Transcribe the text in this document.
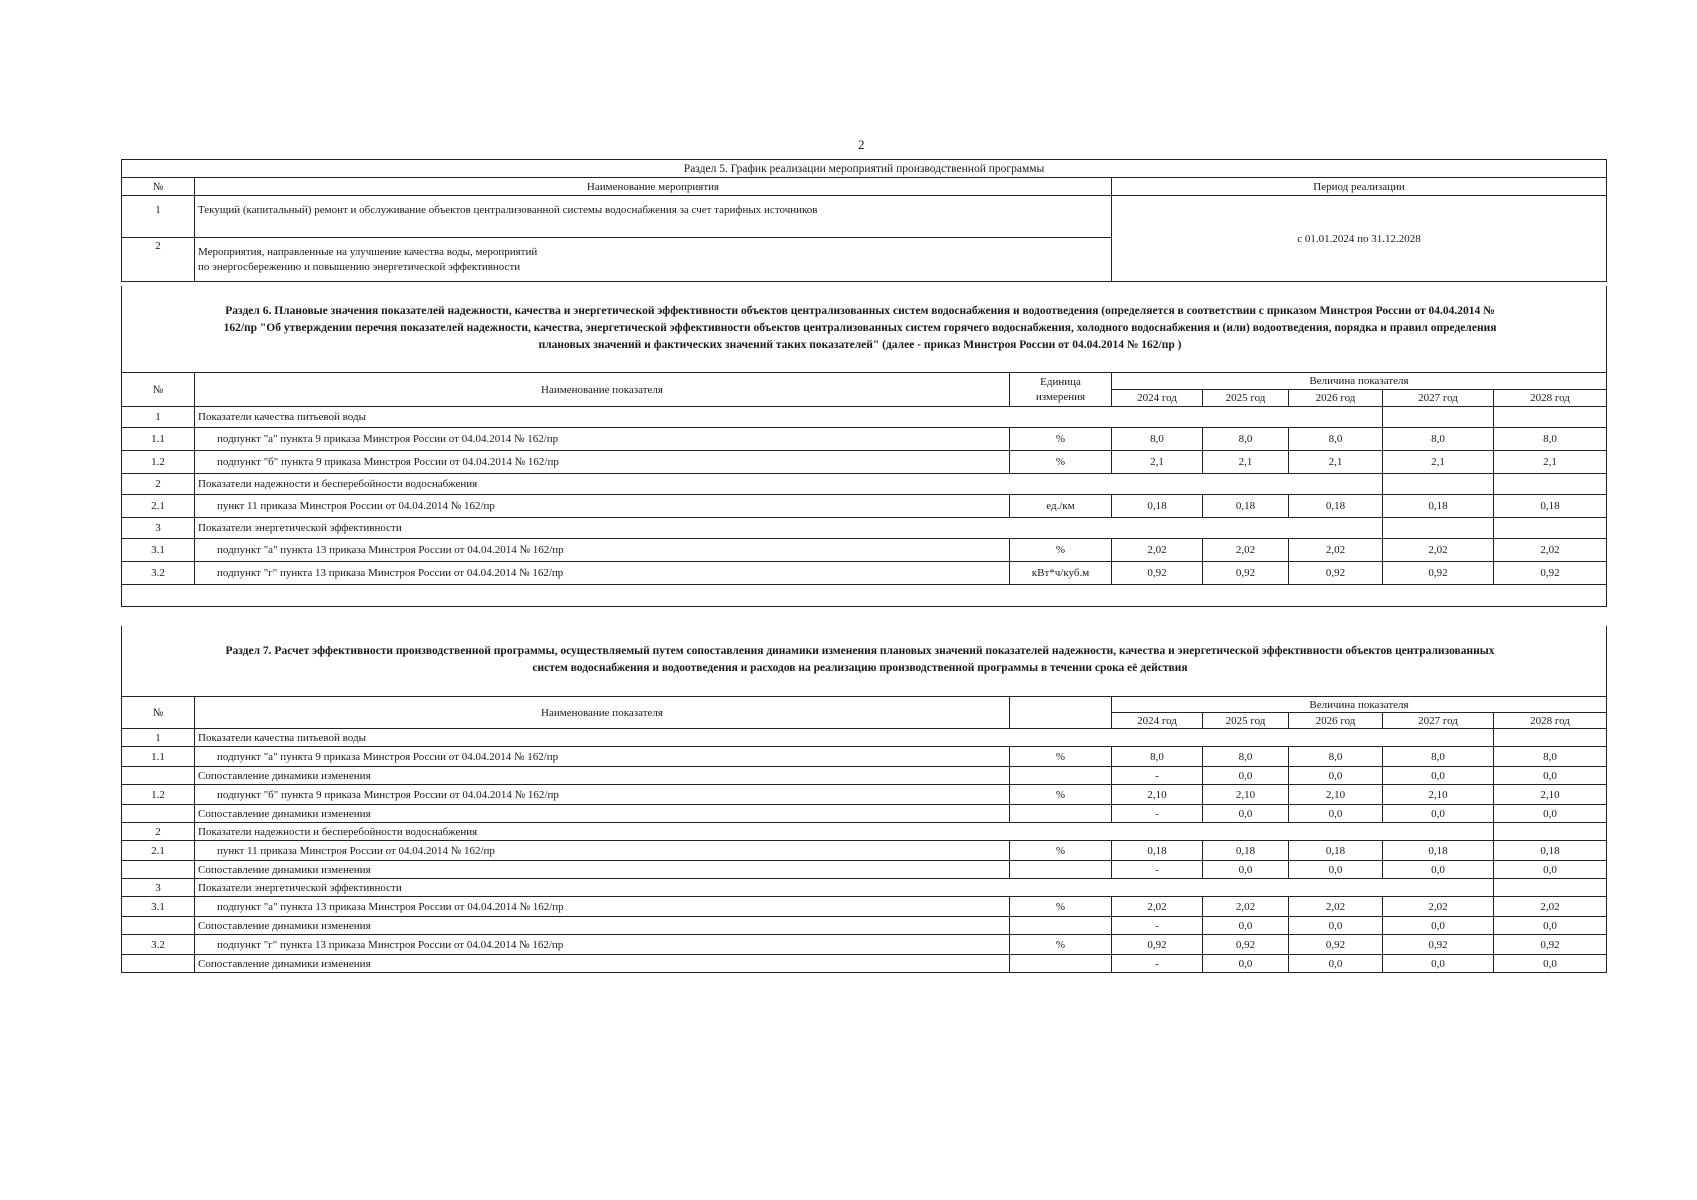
2
Раздел 5. График реализации мероприятий производственной программы		
№	Наименование мероприятия	Период реализации
1	Текущий (капитальный) ремонт и обслуживание объектов централизованной системы водоснабжения за счет тарифных источников	с 01.01.2024 по 31.12.2028
2	Мероприятия, направленные на улучшение качества воды, мероприятий
по энергосбережению и повышению энергетической эффективности	
Раздел 6. Плановые значения показателей надежности, качества и энергетической эффективности объектов централизованных систем водоснабжения и водоотведения (определяется в соответствии с приказом Минстроя России от 04.04.2014 №
162/пр "Об утверждении перечня показателей надежности, качества, энергетической эффективности объектов централизованных систем горячего водоснабжения, холодного водоснабжения и (или) водоотведения, порядка и правил определения
плановых значений и фактических значений таких показателей" (далее - приказ Минстроя России от 04.04.2014 № 162/пр )
№	Наименование показателя	Единица
измерения	Величина показателя				
			2024 год	2025 год	2026 год	2027 год	2028 год
1	Показатели качества питьевой воды						
1.1	подпункт "а" пункта 9 приказа Минстроя России от 04.04.2014 № 162/пр	%	8,0	8,0	8,0	8,0	8,0
1.2	подпункт "б" пункта 9 приказа Минстроя России от 04.04.2014 № 162/пр	%	2,1	2,1	2,1	2,1	2,1
2	Показатели надежности и бесперебойности водоснабжения						
2.1	пункт 11 приказа Минстроя России от 04.04.2014 № 162/пр	ед./км	0,18	0,18	0,18	0,18	0,18
3	Показатели энергетической эффективности						
3.1	подпункт "а" пункта 13 приказа Минстроя России от 04.04.2014 № 162/пр	%	2,02	2,02	2,02	2,02	2,02
3.2	подпункт "г" пункта 13 приказа Минстроя России от 04.04.2014 № 162/пр	кВт*ч/куб.м	0,92	0,92	0,92	0,92	0,92

Раздел 7. Расчет эффективности производственной программы, осуществляемый путем сопоставления динамики изменения плановых значений показателей надежности, качества и энергетической эффективности объектов централизованных
систем водоснабжения и водоотведения и расходов на реализацию производственной программы в течении срока её действия
№	Наименование показателя		Величина показателя				
			2024 год	2025 год	2026 год	2027 год	2028 год
1	Показатели качества питьевой воды						
1.1	подпункт "а" пункта 9 приказа Минстроя России от 04.04.2014 № 162/пр	%	8,0	8,0	8,0	8,0	8,0
	Сопоставление динамики изменения		-	0,0	0,0	0,0	0,0
1.2	подпункт "б" пункта 9 приказа Минстроя России от 04.04.2014 № 162/пр	%	2,10	2,10	2,10	2,10	2,10
	Сопоставление динамики изменения		-	0,0	0,0	0,0	0,0
2	Показатели надежности и бесперебойности водоснабжения						
2.1	пункт 11 приказа Минстроя России от 04.04.2014 № 162/пр	%	0,18	0,18	0,18	0,18	0,18
	Сопоставление динамики изменения		-	0,0	0,0	0,0	0,0
3	Показатели энергетической эффективности						
3.1	подпункт "а" пункта 13 приказа Минстроя России от 04.04.2014 № 162/пр	%	2,02	2,02	2,02	2,02	2,02
	Сопоставление динамики изменения		-	0,0	0,0	0,0	0,0
3.2	подпункт "г" пункта 13 приказа Минстроя России от 04.04.2014 № 162/пр	%	0,92	0,92	0,92	0,92	0,92
	Сопоставление динамики изменения		-	0,0	0,0	0,0	0,0
